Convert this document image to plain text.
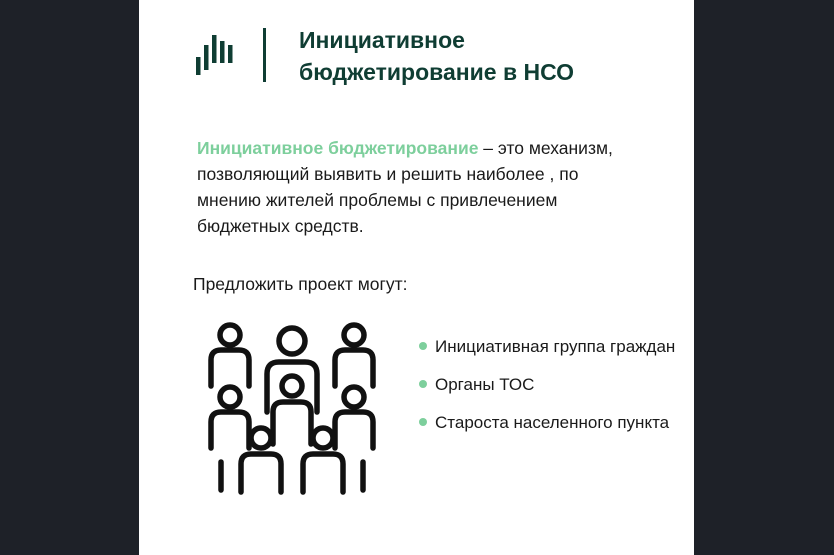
Инициативное
бюджетирование в НСО
Инициативное бюджетирование – это механизм, позволяющий выявить и решить наиболее , по мнению жителей проблемы с привлечением бюджетных средств.
Предложить проект могут:
Инициативная группа граждан
Органы ТОС
Староста населенного пункта
